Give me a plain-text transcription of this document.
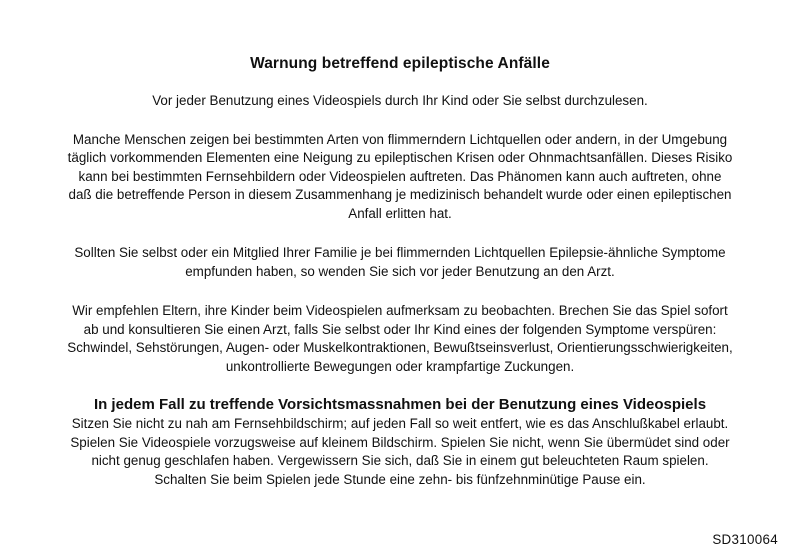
Warnung betreffend epileptische Anfälle

Vor jeder Benutzung eines Videospiels durch Ihr Kind oder Sie selbst durchzulesen.

Manche Menschen zeigen bei bestimmten Arten von flimmerndern Lichtquellen oder andern, in der Umgebung
täglich vorkommenden Elementen eine Neigung zu epileptischen Krisen oder Ohnmachtsanfällen. Dieses Risiko
kann bei bestimmten Fernsehbildern oder Videospielen auftreten. Das Phänomen kann auch auftreten, ohne
daß die betreffende Person in diesem Zusammenhang je medizinisch behandelt wurde oder einen epileptischen
Anfall erlitten hat.

Sollten Sie selbst oder ein Mitglied Ihrer Familie je bei flimmernden Lichtquellen Epilepsie-ähnliche Symptome
empfunden haben, so wenden Sie sich vor jeder Benutzung an den Arzt.

Wir empfehlen Eltern, ihre Kinder beim Videospielen aufmerksam zu beobachten. Brechen Sie das Spiel sofort
ab und konsultieren Sie einen Arzt, falls Sie selbst oder Ihr Kind eines der folgenden Symptome verspüren:
Schwindel, Sehstörungen, Augen- oder Muskelkontraktionen, Bewußtseinsverlust, Orientierungsschwierigkeiten,
unkontrollierte Bewegungen oder krampfartige Zuckungen.

In jedem Fall zu treffende Vorsichtsmassnahmen bei der Benutzung eines Videospiels

Sitzen Sie nicht zu nah am Fernsehbildschirm; auf jeden Fall so weit entfert, wie es das Anschlußkabel erlaubt.
Spielen Sie Videospiele vorzugsweise auf kleinem Bildschirm. Spielen Sie nicht, wenn Sie übermüdet sind oder
nicht genug geschlafen haben. Vergewissern Sie sich, daß Sie in einem gut beleuchteten Raum spielen.
Schalten Sie beim Spielen jede Stunde eine zehn- bis fünfzehnminütige Pause ein.

SD310064
